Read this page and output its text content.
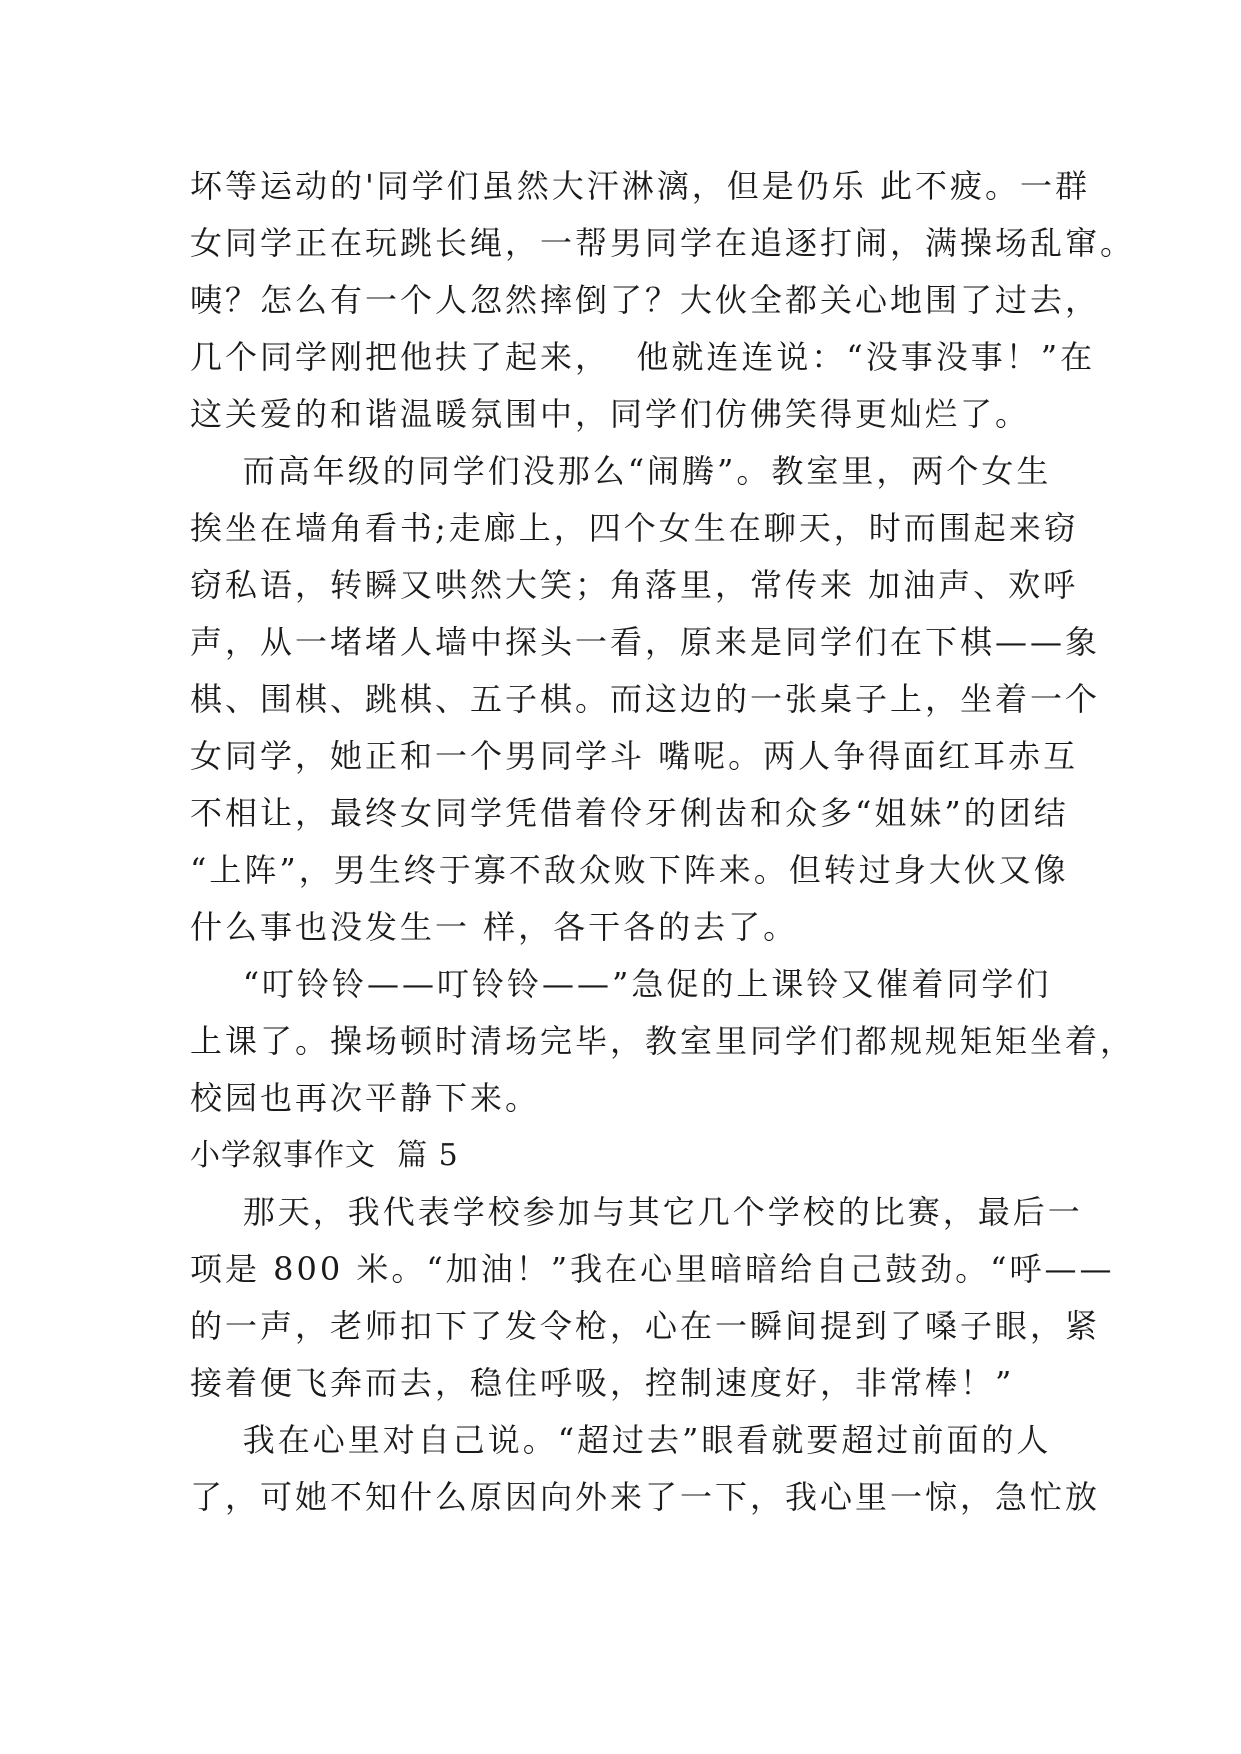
坏等运动的'同学们虽然大汗淋漓，但是仍乐 此不疲。一群
女同学正在玩跳长绳，一帮男同学在追逐打闹，满操场乱窜。
咦？怎么有一个人忽然摔倒了？大伙全都关心地围了过去，
几个同学刚把他扶了起来，  他就连连说：“没事没事！”在
这关爱的和谐温暖氛围中，同学们仿佛笑得更灿烂了。
而高年级的同学们没那么“闹腾”。教室里，两个女生
挨坐在墙角看书;走廊上，四个女生在聊天，时而围起来窃
窃私语，转瞬又哄然大笑；角落里，常传来 加油声、欢呼
声，从一堵堵人墙中探头一看，原来是同学们在下棋——象
棋、围棋、跳棋、五子棋。而这边的一张桌子上，坐着一个
女同学，她正和一个男同学斗 嘴呢。两人争得面红耳赤互
不相让，最终女同学凭借着伶牙俐齿和众多“姐妹”的团结
“上阵”，男生终于寡不敌众败下阵来。但转过身大伙又像
什么事也没发生一 样，各干各的去了。
“叮铃铃——叮铃铃——”急促的上课铃又催着同学们
上课了。操场顿时清场完毕，教室里同学们都规规矩矩坐着，
校园也再次平静下来。
小学叙事作文  篇 5
那天，我代表学校参加与其它几个学校的比赛，最后一
项是 800 米。“加油！”我在心里暗暗给自己鼓劲。“呼——
的一声，老师扣下了发令枪，心在一瞬间提到了嗓子眼，紧
接着便飞奔而去，稳住呼吸，控制速度好，非常棒！”
我在心里对自己说。“超过去”眼看就要超过前面的人
了，可她不知什么原因向外来了一下，我心里一惊，急忙放
